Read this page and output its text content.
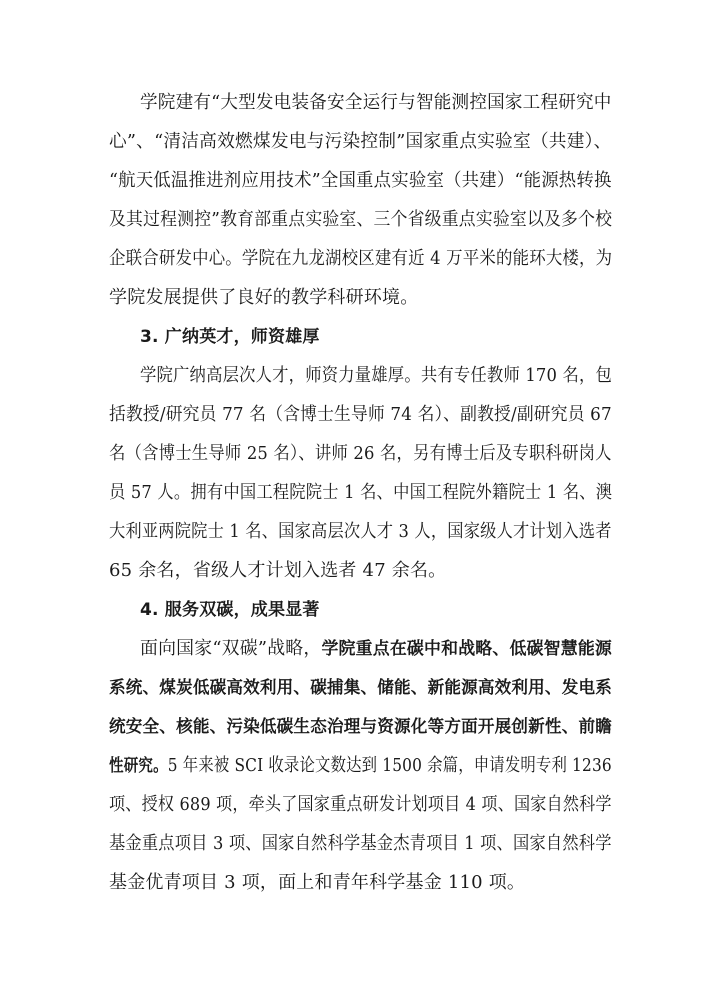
学院建有“大型发电装备安全运行与智能测控国家工程研究中
心”、“清洁高效燃煤发电与污染控制”国家重点实验室（共建）、
“航天低温推进剂应用技术”全国重点实验室（共建）“能源热转换
及其过程测控”教育部重点实验室、三个省级重点实验室以及多个校
企联合研发中心。学院在九龙湖校区建有近 4 万平米的能环大楼，为
学院发展提供了良好的教学科研环境。
3. 广纳英才，师资雄厚
学院广纳高层次人才，师资力量雄厚。共有专任教师 170 名，包
括教授/研究员 77 名（含博士生导师 74 名）、副教授/副研究员 67
名（含博士生导师 25 名）、讲师 26 名，另有博士后及专职科研岗人
员 57 人。拥有中国工程院院士 1 名、中国工程院外籍院士 1 名、澳
大利亚两院院士 1 名、国家高层次人才 3 人，国家级人才计划入选者
65 余名，省级人才计划入选者 47 余名。
4. 服务双碳，成果显著
面向国家“双碳”战略，学院重点在碳中和战略、低碳智慧能源
系统、煤炭低碳高效利用、碳捕集、储能、新能源高效利用、发电系
统安全、核能、污染低碳生态治理与资源化等方面开展创新性、前瞻
性研究。5 年来被 SCI 收录论文数达到 1500 余篇，申请发明专利 1236
项、授权 689 项，牵头了国家重点研发计划项目 4 项、国家自然科学
基金重点项目 3 项、国家自然科学基金杰青项目 1 项、国家自然科学
基金优青项目 3 项，面上和青年科学基金 110 项。
